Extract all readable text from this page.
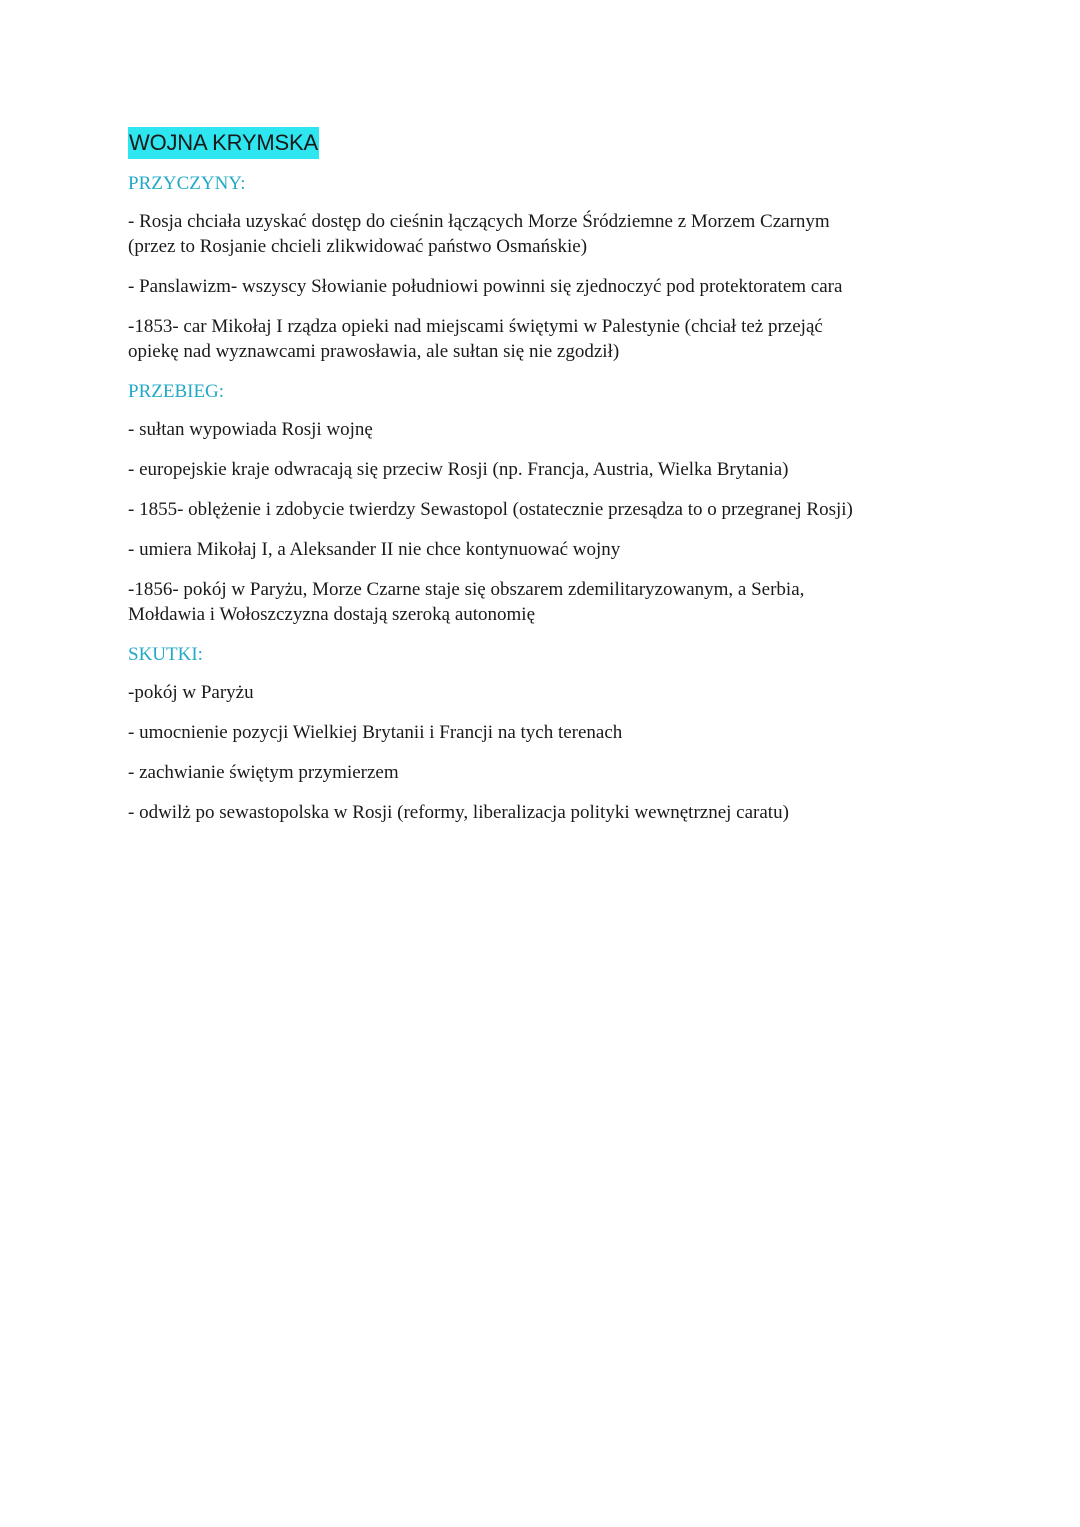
WOJNA KRYMSKA
PRZYCZYNY:
- Rosja chciała uzyskać dostęp do cieśnin łączących Morze Śródziemne z Morzem Czarnym
(przez to Rosjanie chcieli zlikwidować państwo Osmańskie)
- Panslawizm- wszyscy Słowianie południowi powinni się zjednoczyć pod protektoratem cara
-1853- car Mikołaj I rządza opieki nad miejscami świętymi w Palestynie (chciał też przejąć
opiekę nad wyznawcami prawosławia, ale sułtan się nie zgodził)
PRZEBIEG:
- sułtan wypowiada Rosji wojnę
- europejskie kraje odwracają się przeciw Rosji (np. Francja, Austria, Wielka Brytania)
- 1855- oblężenie i zdobycie twierdzy Sewastopol (ostatecznie przesądza to o przegranej Rosji)
- umiera Mikołaj I, a Aleksander II nie chce kontynuować wojny
-1856- pokój w Paryżu, Morze Czarne staje się obszarem zdemilitaryzowanym, a Serbia,
Mołdawia i Wołoszczyzna dostają szeroką autonomię
SKUTKI:
-pokój w Paryżu
- umocnienie pozycji Wielkiej Brytanii i Francji na tych terenach
- zachwianie świętym przymierzem
- odwilż po sewastopolska w Rosji (reformy, liberalizacja polityki wewnętrznej caratu)
